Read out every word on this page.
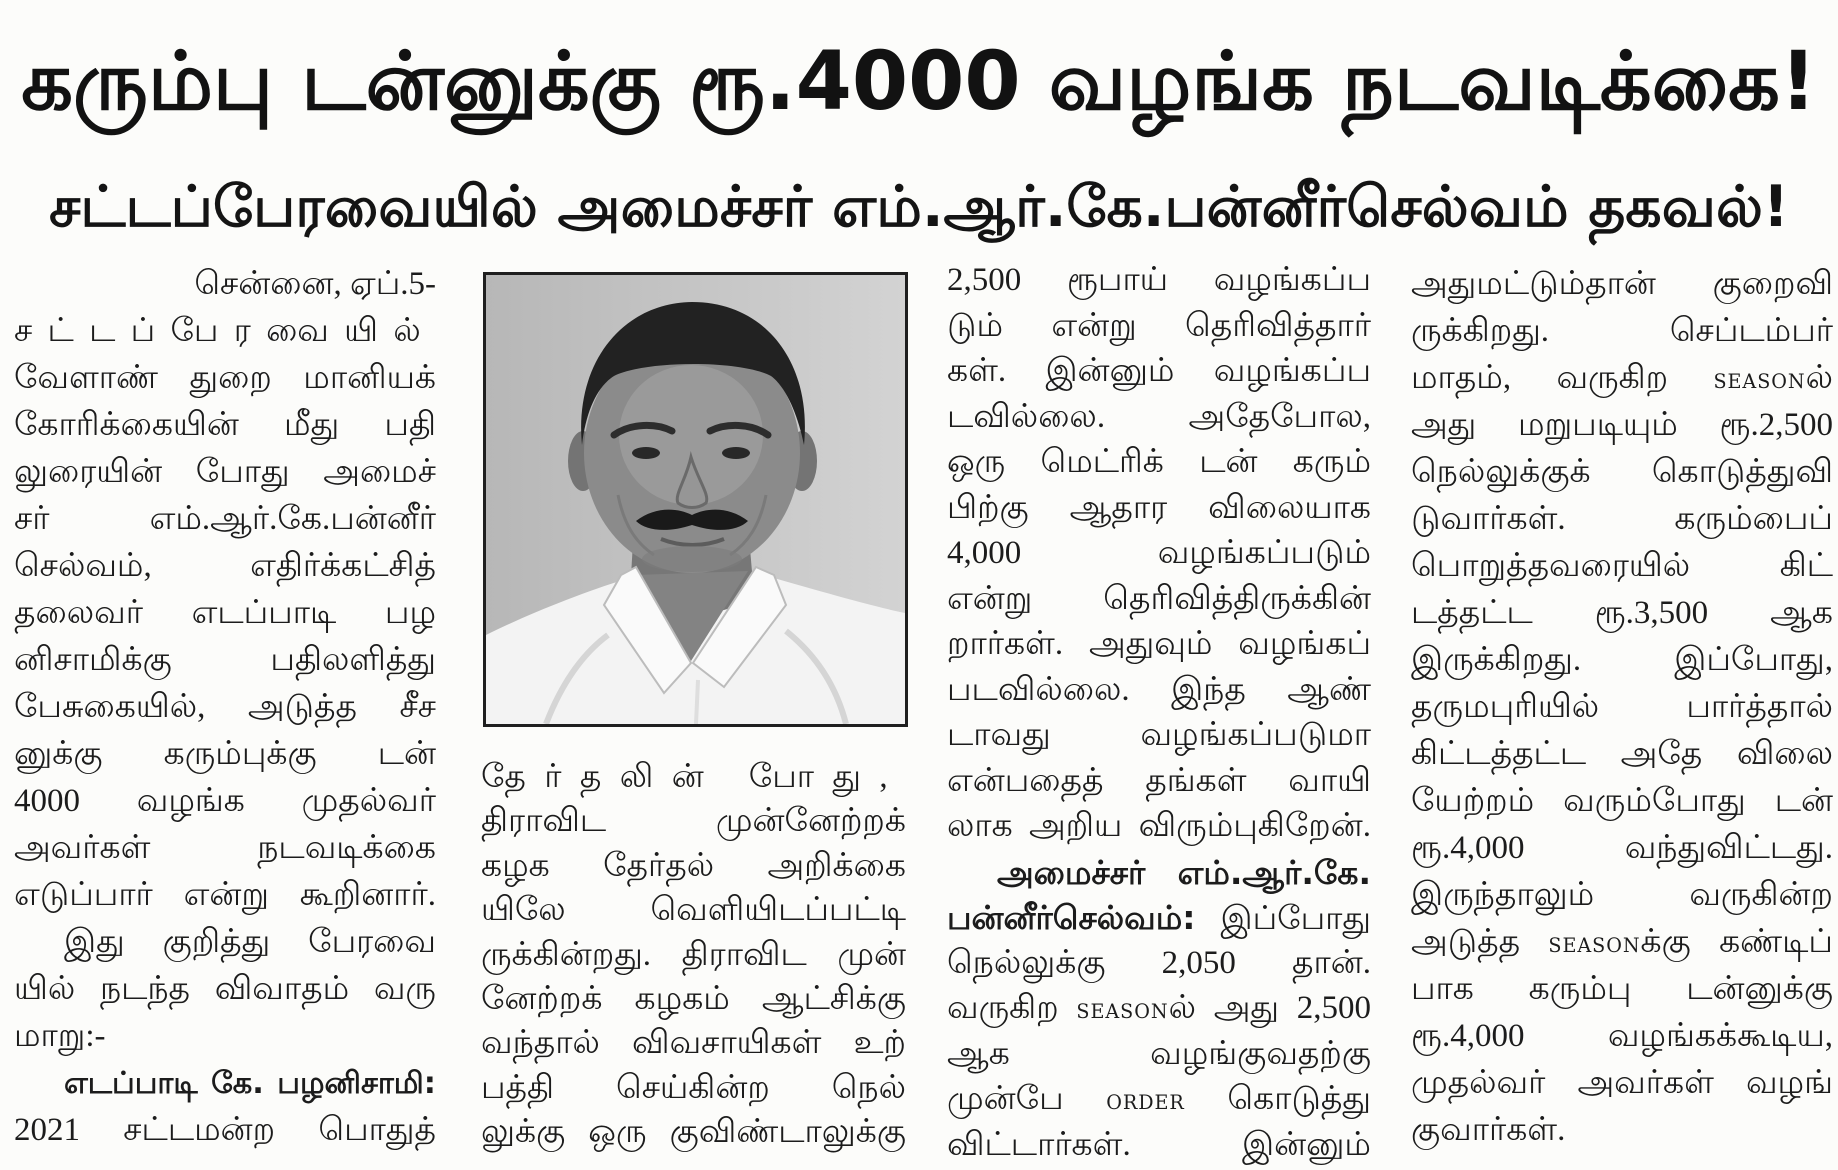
கரும்பு டன்னுக்கு ரூ.4000 வழங்க நடவடிக்கை!
சட்டப்பேரவையில் அமைச்சர் எம்.ஆர்.கே.பன்னீர்செல்வம் தகவல்!
சென்னை, ஏப்.5-
சட்டப்பேரவையில்
வேளாண் துறை மானியக்
கோரிக்கையின் மீது பதி
லுரையின் போது அமைச்
சர் எம்.ஆர்.கே.பன்னீர்
செல்வம், எதிர்க்கட்சித்
தலைவர் எடப்பாடி பழ
னிசாமிக்கு பதிலளித்து
பேசுகையில், அடுத்த சீச
னுக்கு கரும்புக்கு டன்
4000 வழங்க முதல்வர்
அவர்கள் நடவடிக்கை
எடுப்பார் என்று கூறினார்.
இது குறித்து பேரவை
யில் நடந்த விவாதம் வரு
மாறு:-
எடப்பாடி கே. பழனிசாமி:
2021 சட்டமன்ற பொதுத்
தேர்தலின் போது,
திராவிட முன்னேற்றக்
கழக தேர்தல் அறிக்கை
யிலே வெளியிடப்பட்டி
ருக்கின்றது. திராவிட முன்
னேற்றக் கழகம் ஆட்சிக்கு
வந்தால் விவசாயிகள் உற்
பத்தி செய்கின்ற நெல்
லுக்கு ஒரு குவிண்டாலுக்கு
2,500 ரூபாய் வழங்கப்ப
டும் என்று தெரிவித்தார்
கள். இன்னும் வழங்கப்ப
டவில்லை. அதேபோல,
ஒரு மெட்ரிக் டன் கரும்
பிற்கு ஆதார விலையாக
4,000 வழங்கப்படும்
என்று தெரிவித்திருக்கின்
றார்கள். அதுவும் வழங்கப்
படவில்லை. இந்த ஆண்
டாவது வழங்கப்படுமா
என்பதைத் தங்கள் வாயி
லாக அறிய விரும்புகிறேன்.
அமைச்சர் எம்.ஆர்.கே.
பன்னீர்செல்வம்: இப்போது
நெல்லுக்கு 2,050 தான்.
வருகிற SEASONல் அது 2,500
ஆக வழங்குவதற்கு
முன்பே ORDER கொடுத்து
விட்டார்கள். இன்னும்
அதுமட்டும்தான் குறைவி
ருக்கிறது. செப்டம்பர்
மாதம், வருகிற SEASONல்
அது மறுபடியும் ரூ.2,500
நெல்லுக்குக் கொடுத்துவி
டுவார்கள். கரும்பைப்
பொறுத்தவரையில் கிட்
டத்தட்ட ரூ.3,500 ஆக
இருக்கிறது. இப்போது,
தருமபுரியில் பார்த்தால்
கிட்டத்தட்ட அதே விலை
யேற்றம் வரும்போது டன்
ரூ.4,000 வந்துவிட்டது.
இருந்தாலும் வருகின்ற
அடுத்த SEASONக்கு கண்டிப்
பாக கரும்பு டன்னுக்கு
ரூ.4,000 வழங்கக்கூடிய,
முதல்வர் அவர்கள் வழங்
குவார்கள்.
